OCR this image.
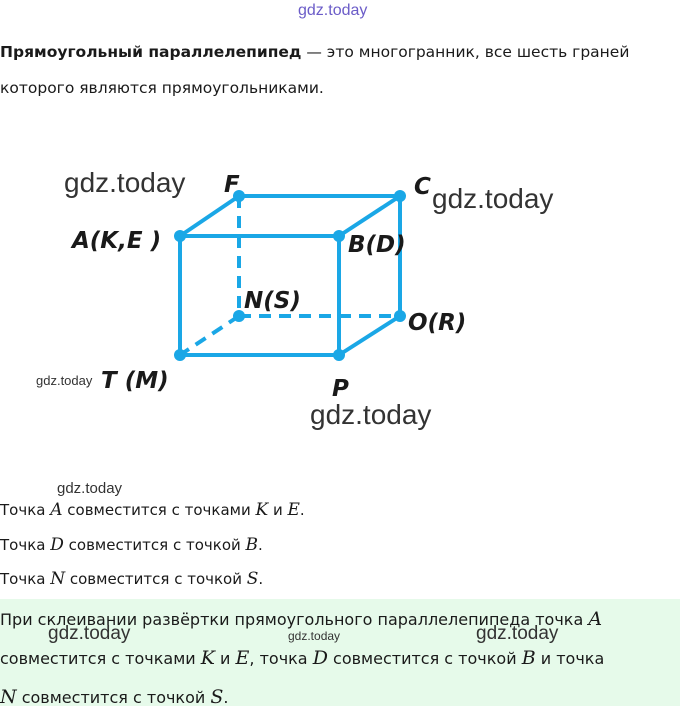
gdz.today
Прямоугольный параллелепипед — это многогранник, все шесть граней которого являются прямоугольниками.
gdz.today F	C gdz.today
A(K,E )	B(D)
N(S)
O(R)
gdz.today T (M)	P
gdz.today
gdz.today
Точка A совместится с точками K и E.
Точка D совместится с точкой B.
Точка N совместится с точкой S.
При склеивании развёртки прямоугольного параллелепипеда точка A
совместится с точками K и E, точка D совместится с точкой B и точка
N совместится с точкой S.
gdz.today	gdz.today	gdz.today
